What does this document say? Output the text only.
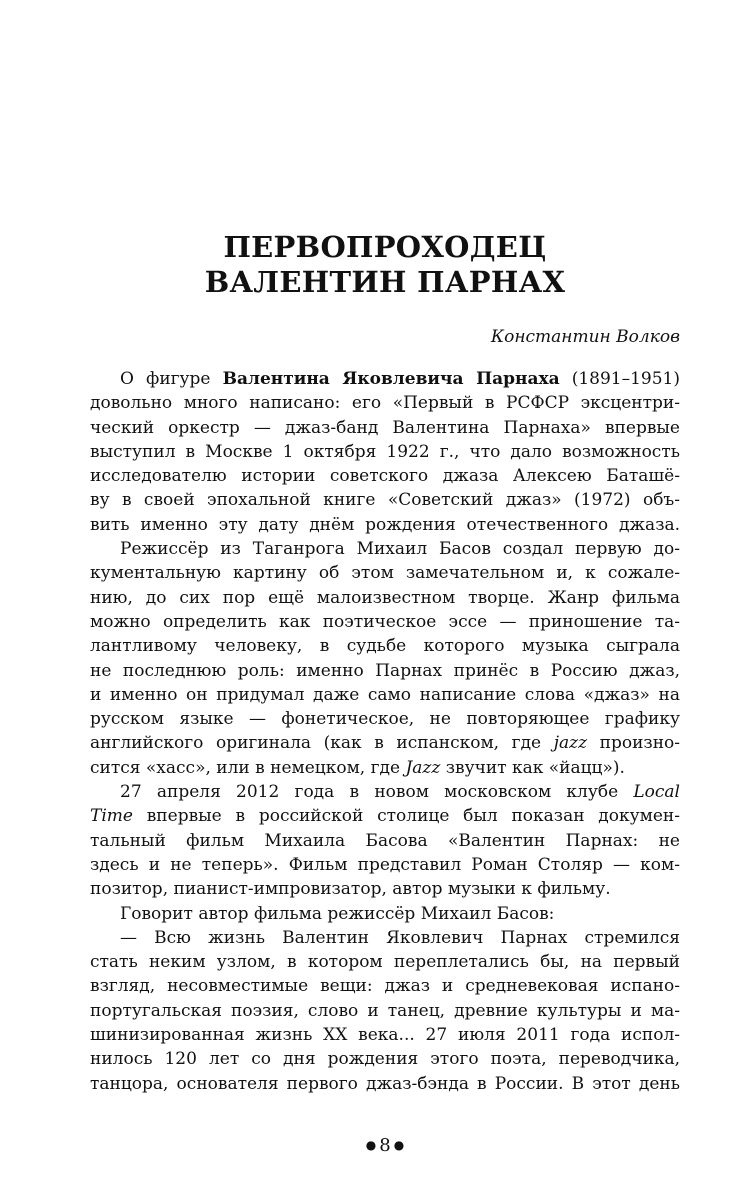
ПЕРВОПРОХОДЕЦ
ВАЛЕНТИН ПАРНАХ
Константин Волков
О фигуре Валентина Яковлевича Парнаха (1891–1951)
довольно много написано: его «Первый в РСФСР эксцентри-
ческий оркестр — джаз-банд Валентина Парнаха» впервые
выступил в Москве 1 октября 1922 г., что дало возможность
исследователю истории советского джаза Алексею Баташё-
ву в своей эпохальной книге «Советский джаз» (1972) объ-
вить именно эту дату днём рождения отечественного джаза.
Режиссёр из Таганрога Михаил Басов создал первую до-
кументальную картину об этом замечательном и, к сожале-
нию, до сих пор ещё малоизвестном творце. Жанр фильма
можно определить как поэтическое эссе — приношение та-
лантливому человеку, в судьбе которого музыка сыграла
не последнюю роль: именно Парнах принёс в Россию джаз,
и именно он придумал даже само написание слова «джаз» на
русском языке — фонетическое, не повторяющее графику
английского оригинала (как в испанском, где jazz произно-
сится «хасс», или в немецком, где Jazz звучит как «йацц»).
27 апреля 2012 года в новом московском клубе Local
Time впервые в российской столице был показан докумен-
тальный фильм Михаила Басова «Валентин Парнах: не
здесь и не теперь». Фильм представил Роман Столяр — ком-
позитор, пианист-импровизатор, автор музыки к фильму.
Говорит автор фильма режиссёр Михаил Басов:
— Всю жизнь Валентин Яковлевич Парнах стремился
стать неким узлом, в котором переплетались бы, на первый
взгляд, несовместимые вещи: джаз и средневековая испано-
португальская поэзия, слово и танец, древние культуры и ма-
шинизированная жизнь XX века... 27 июля 2011 года испол-
нилось 120 лет со дня рождения этого поэта, переводчика,
танцора, основателя первого джаз-бэнда в России. В этот день
● 8 ●
